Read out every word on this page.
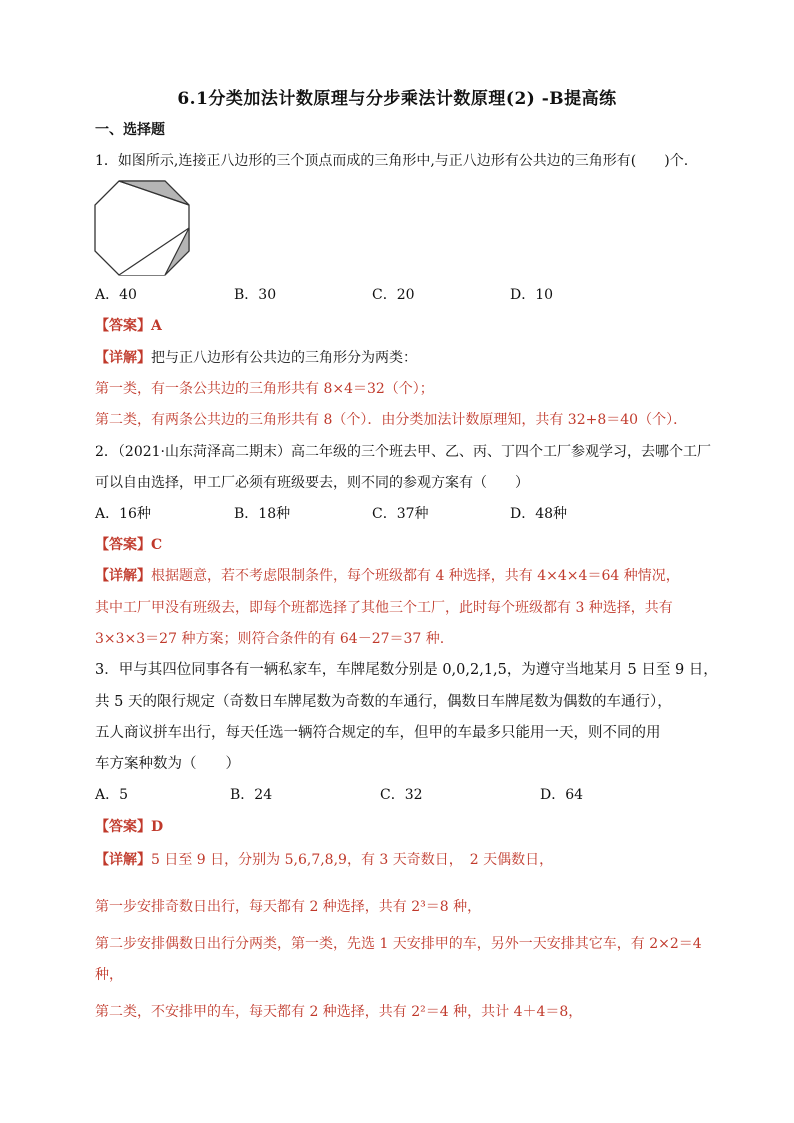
6.1分类加法计数原理与分步乘法计数原理(2) -B提高练
一、选择题
1．如图所示,连接正八边形的三个顶点而成的三角形中,与正八边形有公共边的三角形有(　　)个.
A．40	B．30	C．20	D．10
【答案】A
【详解】把与正八边形有公共边的三角形分为两类：
第一类，有一条公共边的三角形共有 8×4＝32（个）；
第二类，有两条公共边的三角形共有 8（个）．由分类加法计数原理知，共有 32+8＝40（个）．
2．（2021·山东菏泽高二期末）高二年级的三个班去甲、乙、丙、丁四个工厂参观学习，去哪个工厂
可以自由选择，甲工厂必须有班级要去，则不同的参观方案有（　　）
A．16种	B．18种	C．37种	D．48种
【答案】C
【详解】根据题意，若不考虑限制条件，每个班级都有 4 种选择，共有 4×4×4＝64 种情况，
其中工厂甲没有班级去，即每个班都选择了其他三个工厂，此时每个班级都有 3 种选择，共有
3×3×3＝27 种方案；则符合条件的有 64－27＝37 种.
3．甲与其四位同事各有一辆私家车，车牌尾数分别是 0,0,2,1,5，为遵守当地某月 5 日至 9 日，
共 5 天的限行规定（奇数日车牌尾数为奇数的车通行，偶数日车牌尾数为偶数的车通行），
五人商议拼车出行，每天任选一辆符合规定的车，但甲的车最多只能用一天，则不同的用
车方案种数为（　　）
A．5	B．24	C．32	D．64
【答案】D
【详解】5 日至 9 日，分别为 5,6,7,8,9，有 3 天奇数日，　2 天偶数日，
第一步安排奇数日出行，每天都有 2 种选择，共有 2³＝8 种，
第二步安排偶数日出行分两类，第一类，先选 1 天安排甲的车，另外一天安排其它车，有 2×2＝4
种，
第二类，不安排甲的车，每天都有 2 种选择，共有 2²＝4 种，共计 4＋4＝8，
